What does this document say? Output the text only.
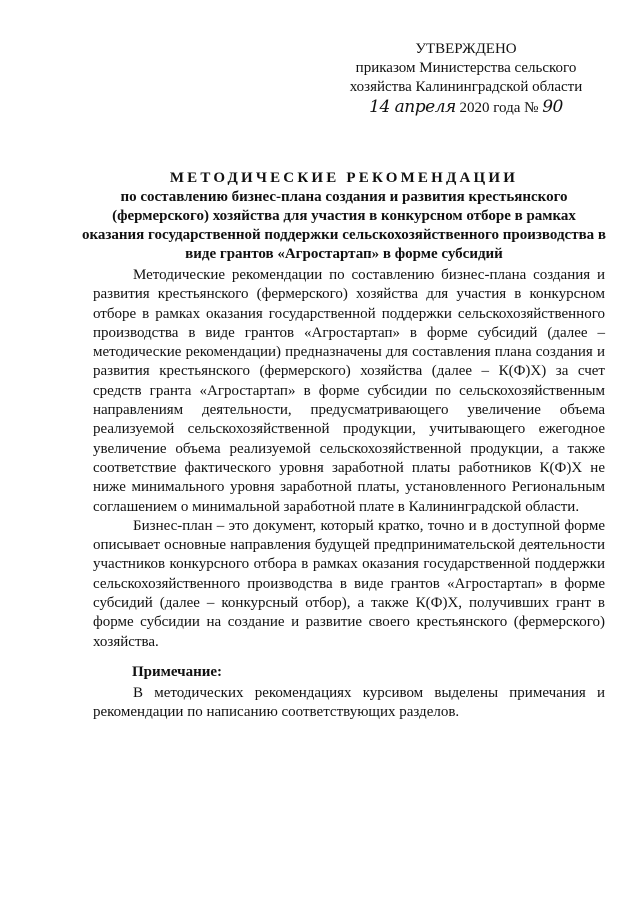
УТВЕРЖДЕНО
приказом Министерства сельского
хозяйства Калининградской области
14 апреля 2020 года № 90
МЕТОДИЧЕСКИЕ РЕКОМЕНДАЦИИ
по составлению бизнес-плана создания и развития крестьянского (фермерского) хозяйства для участия в конкурсном отборе в рамках оказания государственной поддержки сельскохозяйственного производства в виде грантов «Агростартап» в форме субсидий

Методические рекомендации по составлению бизнес-плана создания и развития крестьянского (фермерского) хозяйства для участия в конкурсном отборе в рамках оказания государственной поддержки сельскохозяйственного производства в виде грантов «Агростартап» в форме субсидий (далее – методические рекомендации) предназначены для составления плана создания и развития крестьянского (фермерского) хозяйства (далее – К(Ф)Х) за счет средств гранта «Агростартап» в форме субсидии по сельскохозяйственным направлениям деятельности, предусматривающего увеличение объема реализуемой сельскохозяйственной продукции, учитывающего ежегодное увеличение объема реализуемой сельскохозяйственной продукции, а также соответствие фактического уровня заработной платы работников К(Ф)Х не ниже минимального уровня заработной платы, установленного Региональным соглашением о минимальной заработной плате в Калининградской области.

Бизнес-план – это документ, который кратко, точно и в доступной форме описывает основные направления будущей предпринимательской деятельности участников конкурсного отбора в рамках оказания государственной поддержки сельскохозяйственного производства в виде грантов «Агростартап» в форме субсидий (далее – конкурсный отбор), а также К(Ф)Х, получивших грант в форме субсидии на создание и развитие своего крестьянского (фермерского) хозяйства.

Примечание:

В методических рекомендациях курсивом выделены примечания и рекомендации по написанию соответствующих разделов.
